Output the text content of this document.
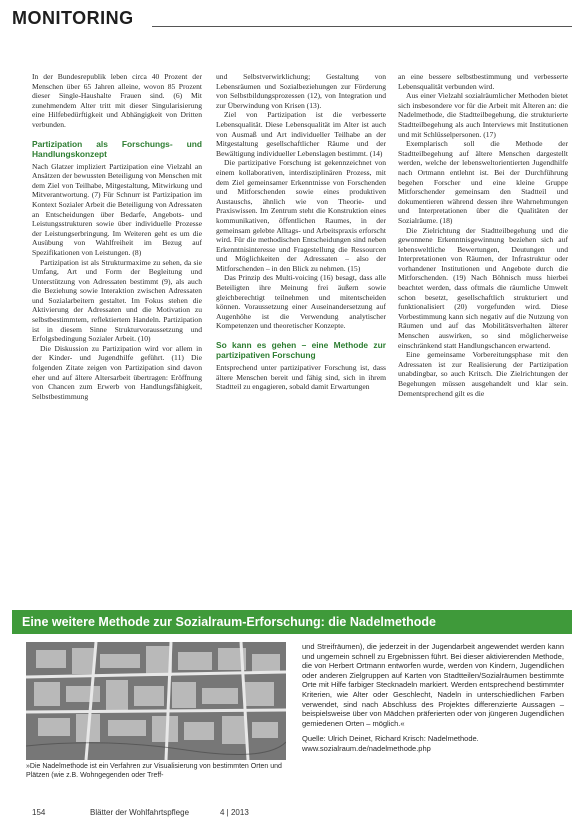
MONITORING

In der Bundesrepublik leben circa 40 Prozent der Menschen über 65 Jahren alleine, wovon 85 Prozent dieser Single-Haushalte Frauen sind. (6) Mit zunehmendem Alter tritt mit dieser Singularisierung eine Hilfebedürftigkeit und Abhängigkeit von Dritten verbunden.

Partizipation als Forschungs- und Handlungskonzept

Nach Glatzer impliziert Partizipation eine Vielzahl an Ansätzen der bewussten Beteiligung von Menschen mit dem Ziel von Teilhabe, Mitgestaltung, Mitwirkung und Mitverantwortung. (7) Für Schnurr ist Partizipation im Kontext Sozialer Arbeit die Beteiligung von Adressaten an Entscheidungen über Bedarfe, Angebots- und Leistungsstrukturen sowie über individuelle Prozesse der Leistungserbringung. Im Weiteren geht es um die Ausübung von Wahlfreiheit im Bezug auf Spezifikationen von Leistungen. (8)

Partizipation ist als Strukturmaxime zu sehen, da sie Umfang, Art und Form der Begleitung und Unterstützung von Adressaten bestimmt (9), als auch die Beziehung sowie Interaktion zwischen Adressaten und Sozialarbeitern gestaltet. Im Fokus stehen die Aktivierung der Adressaten und die Motivation zu selbstbestimmtem, reflektiertem Handeln. Partizipation ist in diesem Sinne Strukturvoraussetzung und Erfolgsbedingung Sozialer Arbeit. (10)

Die Diskussion zu Partizipation wird vor allem in der Kinder- und Jugendhilfe geführt. (11) Die folgenden Zitate zeigen von Partizipation sind davon eher und auf ältere Altersarbeit übertragen: Eröffnung von Chancen zum Erwerb von Handlungsfähigkeit, Selbstbestimmung

und Selbstverwirklichung; Gestaltung von Lebensräumen und Sozialbeziehungen zur Förderung von Selbstbildungsprozessen (12), von Integration und zur Überwindung von Krisen (13).

Ziel von Partizipation ist die verbesserte Lebensqualität. Diese Lebensqualität im Alter ist auch von Ausmaß und Art individueller Teilhabe an der Mitgestaltung gesellschaftlicher Räume und der Bewältigung individueller Lebenslagen bestimmt. (14)

Die partizipative Forschung ist gekennzeichnet von einem kollaborativen, interdisziplinären Prozess, mit dem Ziel gemeinsamer Erkenntnisse von Forschenden und Mitforschenden sowie eines produktiven Austauschs, ähnlich wie von Theorie- und Praxiswissen. Im Zentrum steht die Konstruktion eines kommunikativen, öffentlichen Raumes, in der gemeinsam gelebte Alltags- und Arbeitspraxis erforscht wird. Für die methodischen Entscheidungen sind neben Erkenntnisinteresse und Fragestellung die Ressourcen und Möglichkeiten der Adressaten – also der Mitforschenden – in den Blick zu nehmen. (15)

Das Prinzip des Multi-voicing (16) besagt, dass alle Beteiligten ihre Meinung frei äußern sowie gleichberechtigt teilnehmen und mitentscheiden können. Voraussetzung einer Auseinandersetzung auf Augenhöhe ist die Verwendung analytischer Kompetenzen und theoretischer Konzepte.

So kann es gehen – eine Methode zur partizipativen Forschung

Entsprechend unter partizipativer Forschung ist, dass ältere Menschen bereit und fähig sind, sich in ihrem Stadtteil zu engagieren, sobald damit Erwartungen

an eine bessere selbstbestimmung und verbesserte Lebensqualität verbunden wird.

Aus einer Vielzahl sozialräumlicher Methoden bietet sich insbesondere vor für die Arbeit mit Älteren an: die Nadelmethode, die Stadtteilbegehung, die strukturierte Stadtteilbegehung als auch Interviews mit Institutionen und mit Schlüsselpersonen. (17)

Exemplarisch soll die Methode der Stadtteilbegehung auf ältere Menschen dargestellt werden, welche der lebensweltorientierten Jugendhilfe nach Ortmann entlehnt ist. Bei der Durchführung begehen Forscher und eine kleine Gruppe Mitforschender gemeinsam den Stadtteil und dokumentieren während dessen ihre Wahrnehmungen und Interpretationen über die Qualitäten der Sozialräume. (18)

Die Zielrichtung der Stadtteilbegehung und die gewonnene Erkenntnisgewinnung beziehen sich auf lebensweltliche Bewertungen, Deutungen und Interpretationen von Räumen, der Infrastruktur oder vorhandener Institutionen und Angebote durch die Mitforschenden. (19) Nach Böhnisch muss hierbei beachtet werden, dass oftmals die räumliche Umwelt schon besetzt, gesellschaftlich strukturiert und funktionalisiert (20) vorgefunden wird. Diese Vorbestimmung kann sich negativ auf die Nutzung von Räumen und auf das Mobilitätsverhalten älterer Menschen auswirken, so sind möglicherweise einschränkend statt Handlungschancen erwartend.

Eine gemeinsame Vorbereitungsphase mit den Adressaten ist zur Realisierung der Partizipation unabdingbar, so auch Kritsch. Die Zielrichtungen der Begehungen müssen ausgehandelt und klar sein. Dementsprechend gilt es die

Eine weitere Methode zur Sozialraum-Erforschung: die Nadelmethode
»Die Nadelmethode ist ein Verfahren zur Visualisierung von bestimmten Orten und Plätzen (wie z.B. Wohngegenden oder Treff-
und Streifräumen), die jederzeit in der Jugendarbeit angewendet werden kann und ungemein schnell zu Ergebnissen führt. Bei dieser aktivierenden Methode, die von Herbert Ortmann entworfen wurde, werden von Kindern, Jugendlichen oder anderen Zielgruppen auf Karten von Stadtteilen/Sozialräumen bestimmte Orte mit Hilfe farbiger Stecknadeln markiert. Werden entsprechend bestimmter Kriterien, wie Alter oder Geschlecht, Nadeln in unterschiedlichen Farben verwendet, sind nach Abschluss des Projektes differenzierte Aussagen – beispielsweise über von Mädchen präferierten oder von jüngeren Jugendlichen gemiedenen Orten – möglich.«
Quelle: Ulrich Deinet, Richard Krisch: Nadelmethode.
www.sozialraum.de/nadelmethode.php
154	Blätter der Wohlfahrtspflege	4 | 2013
